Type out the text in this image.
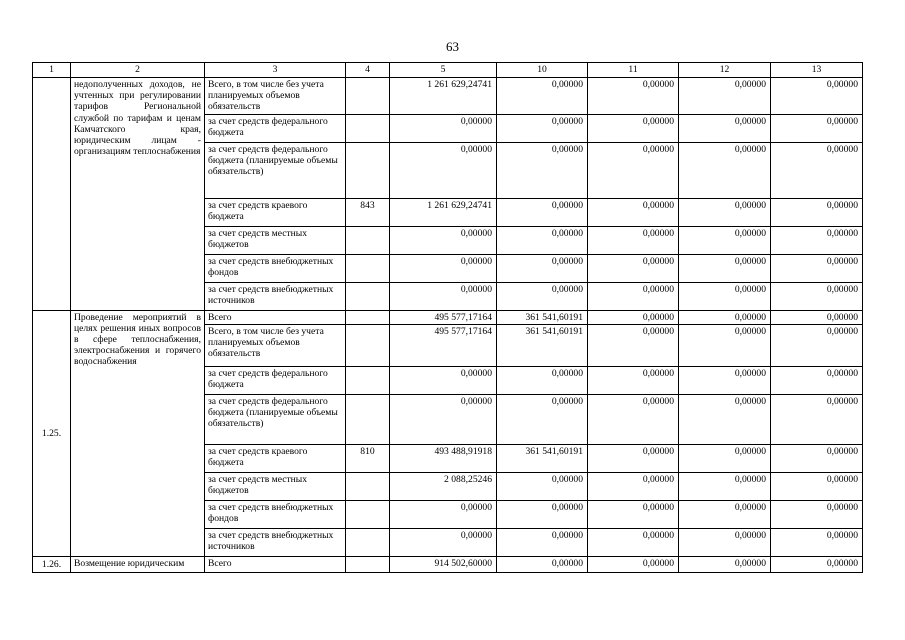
63
1	2	3	4	5	10	11	12	13
	недополученных доходов, не учтенных при регулировании тарифов Региональной службой по тарифам и ценам Камчатского края, юридическим лицам - организациям теплоснабжения	Всего, в том числе без учета планируемых объемов обязательств		1 261 629,24741	0,00000	0,00000	0,00000	0,00000
		за счет средств федерального бюджета		0,00000	0,00000	0,00000	0,00000	0,00000
		за счет средств федерального бюджета (планируемые объемы обязательств)		0,00000	0,00000	0,00000	0,00000	0,00000
		за счет средств краевого бюджета	843	1 261 629,24741	0,00000	0,00000	0,00000	0,00000
		за счет средств местных бюджетов		0,00000	0,00000	0,00000	0,00000	0,00000
		за счет средств внебюджетных фондов		0,00000	0,00000	0,00000	0,00000	0,00000
		за счет средств внебюджетных источников		0,00000	0,00000	0,00000	0,00000	0,00000
1.25.	Проведение мероприятий в целях решения иных вопросов в сфере теплоснабжения, электроснабжения и горячего водоснабжения	Всего		495 577,17164	361 541,60191	0,00000	0,00000	0,00000
		Всего, в том числе без учета планируемых объемов обязательств		495 577,17164	361 541,60191	0,00000	0,00000	0,00000
		за счет средств федерального бюджета		0,00000	0,00000	0,00000	0,00000	0,00000
		за счет средств федерального бюджета (планируемые объемы обязательств)		0,00000	0,00000	0,00000	0,00000	0,00000
		за счет средств краевого бюджета	810	493 488,91918	361 541,60191	0,00000	0,00000	0,00000
		за счет средств местных бюджетов		2 088,25246	0,00000	0,00000	0,00000	0,00000
		за счет средств внебюджетных фондов		0,00000	0,00000	0,00000	0,00000	0,00000
		за счет средств внебюджетных источников		0,00000	0,00000	0,00000	0,00000	0,00000
1.26.	Возмещение юридическим	Всего		914 502,60000	0,00000	0,00000	0,00000	0,00000
